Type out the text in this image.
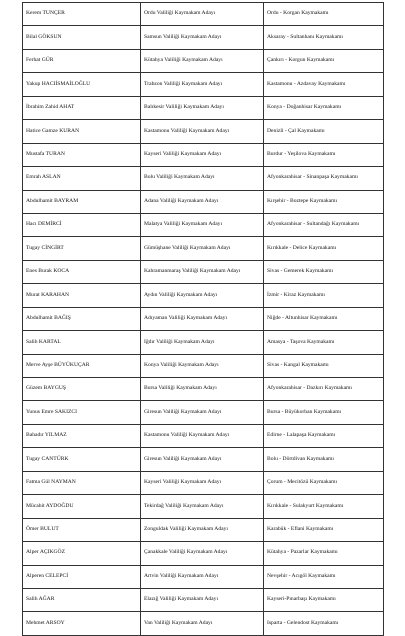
Kerem TUNÇER	Ordu Valiliği Kaymakam Adayı	Ordu - Korgan Kaymakamı
Bilal GÖKSUN	Samsun Valiliği Kaymakam Adayı	Aksaray - Sultanhanı Kaymakamı
Ferhat GÜR	Kütahya Valiliği Kaymakam Adayı	Çankırı - Korgun Kaymakamı
Yakup HACIİSMAİLOĞLU	Trabzon Valiliği Kaymakam Adayı	Kastamonu - Azdavay Kaymakamı
İbrahim Zahid AHAT	Balıkesir Valiliği Kaymakam Adayı	Konya - Doğanhisar Kaymakamı
Hatice Gamze KURAN	Kastamonu Valiliği Kaymakam Adayı	Denizli - Çal Kaymakamı
Mustafa TURAN	Kayseri Valiliği Kaymakam Adayı	Burdur - Yeşilova Kaymakamı
Emrah ASLAN	Bolu Valiliği Kaymakam Adayı	Afyonkarahisar - Sinanpaşa Kaymakamı
Abdulhamit BAYRAM	Adana Valiliği Kaymakam Adayı	Kırşehir - Boztepe Kaymakamı
Hacı DEMİRCİ	Malatya Valiliği Kaymakam Adayı	Afyonkarahisar - Sultandağı Kaymakamı
Tugay CİNGİRT	Gümüşhane Valiliği Kaymakam Adayı	Kırıkkale - Delice Kaymakamı
Enes Burak KOCA	Kahramanmaraş Valiliği Kaymakam Adayı	Sivas - Gemerek Kaymakamı
Murat KARAHAN	Aydın Valiliği Kaymakam Adayı	İzmir - Kiraz Kaymakamı
Abdulhamit BAĞIŞ	Adıyaman Valiliği Kaymakam Adayı	Niğde - Altunhisar Kaymakamı
Salih KARTAL	Iğdır Valiliği Kaymakam Adayı	Amasya - Taşova Kaymakamı
Merve Ayşe BÜYÜKUÇAR	Konya Valiliği Kaymakam Adayı	Sivas - Kangal Kaymakamı
Güzem BAYGUŞ	Bursa Valiliği Kaymakam Adayı	Afyonkarahisar - Dazkırı Kaymakamı
Yunus Emre SAKIZCI	Giresun Valiliği Kaymakam Adayı	Bursa - Büyükorhan Kaymakamı
Bahadır YILMAZ	Kastamonu Valiliği Kaymakam Adayı	Edirne - Lalapaşa Kaymakamı
Tugay CANTÜRK	Giresun Valiliği Kaymakam Adayı	Bolu - Dörtdivan Kaymakamı
Fatma Gül NAYMAN	Kayseri Valiliği Kaymakam Adayı	Çorum - Mecitözü Kaymakamı
Mücahit AYDOĞDU	Tekirdağ Valiliği Kaymakam Adayı	Kırıkkale - Sulakyurt Kaymakamı
Ömer BULUT	Zonguldak Valiliği Kaymakam Adayı	Karabük - Eflani Kaymakamı
Alper AÇIKGÖZ	Çanakkale Valiliği Kaymakam Adayı	Kütahya - Pazarlar Kaymakamı
Alperen CELEPCİ	Artvin Valiliği Kaymakam Adayı	Nevşehir - Acıgöl Kaymakamı
Salih AĞAR	Elazığ Valiliği Kaymakam Adayı	Kayseri-Pınarbaşı Kaymakamı
Mehmet ARSOY	Van Valiliği Kaymakam Adayı	Isparta - Gelendost Kaymakamı
